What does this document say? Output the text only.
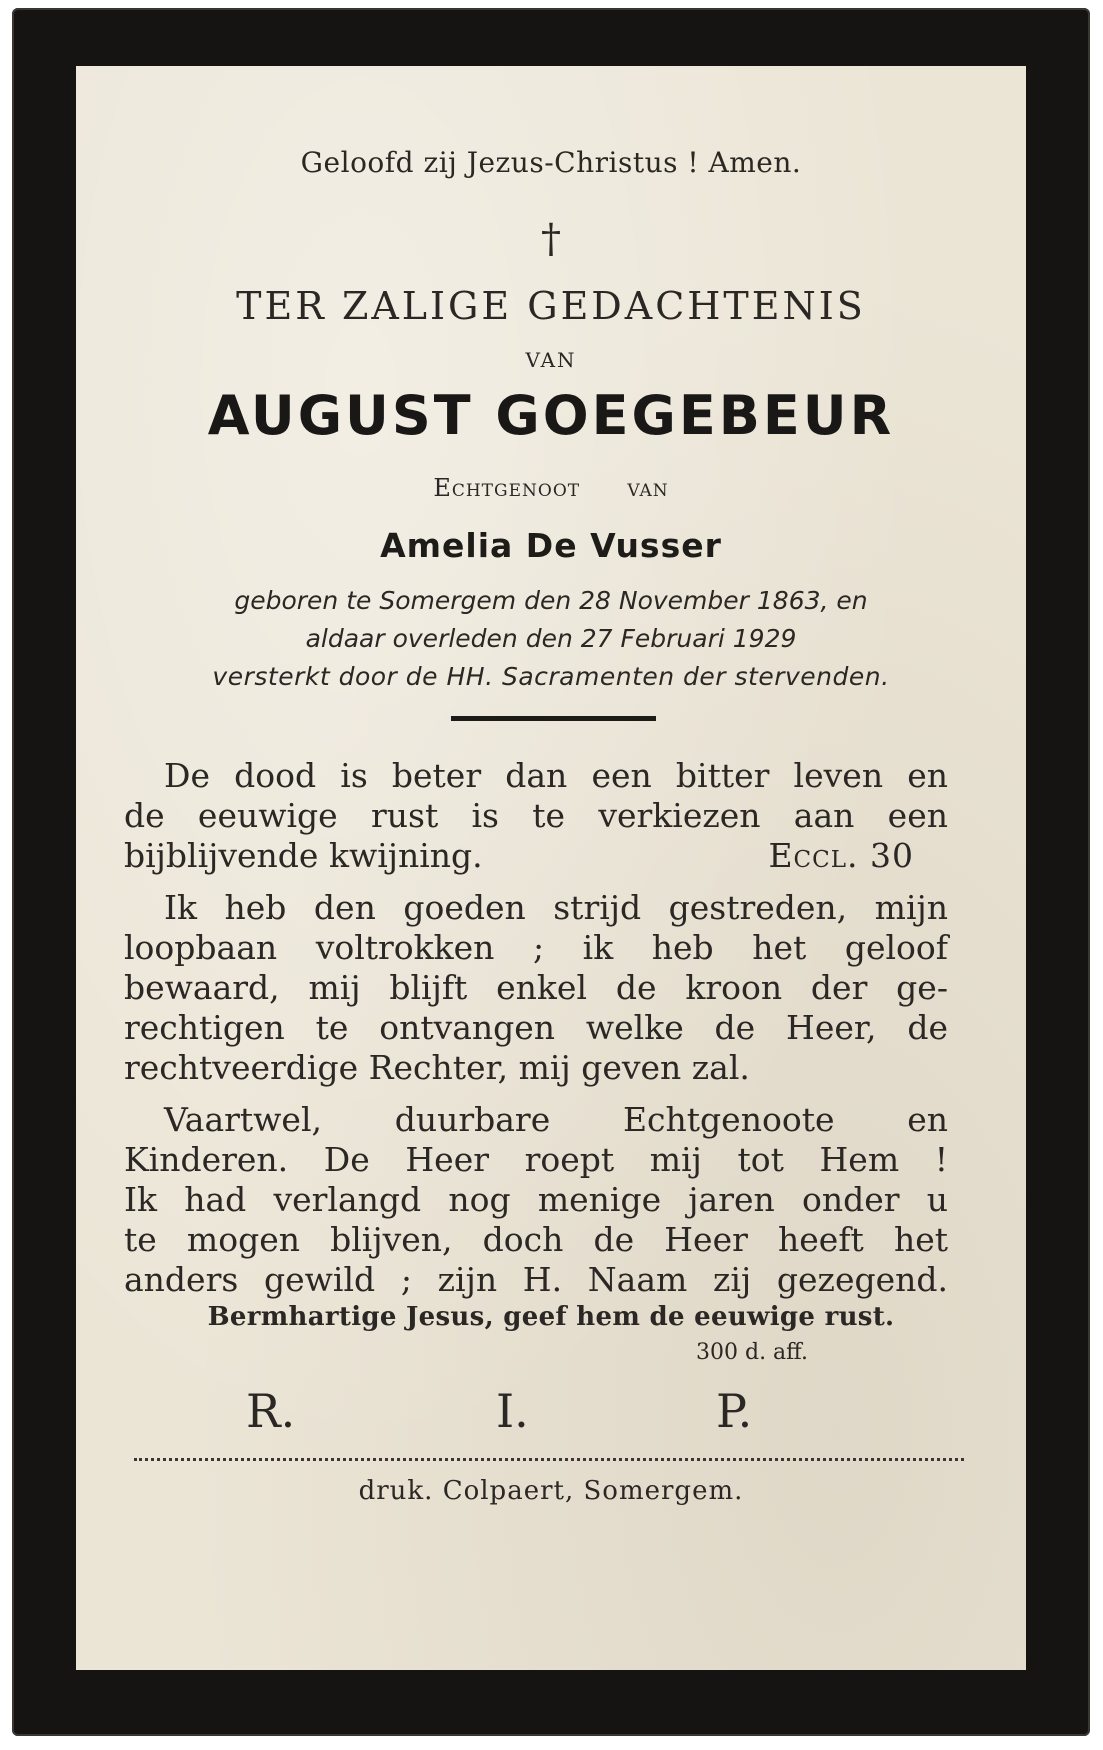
Geloofd zij Jezus-Christus ! Amen.
†
TER ZALIGE GEDACHTENIS
VAN
AUGUST GOEGEBEUR
Echtgenoot van
Amelia De Vusser
geboren te Somergem den 28 November 1863, en
aldaar overleden den 27 Februari 1929
versterkt door de HH. Sacramenten der stervenden.
De dood is beter dan een bitter leven en
de eeuwige rust is te verkiezen aan een
bijblijvende kwijning.	Eccl. 30
Ik heb den goeden strijd gestreden, mijn
loopbaan voltrokken ; ik heb het geloof
bewaard, mij blijft enkel de kroon der ge-
rechtigen te ontvangen welke de Heer, de
rechtveerdige Rechter, mij geven zal.
Vaartwel, duurbare Echtgenoote en
Kinderen. De Heer roept mij tot Hem !
Ik had verlangd nog menige jaren onder u
te mogen blijven, doch de Heer heeft het
anders gewild ; zijn H. Naam zij gezegend.
Bermhartige Jesus, geef hem de eeuwige rust.
300 d. aff.
R.	I.	P.
druk. Colpaert, Somergem.
